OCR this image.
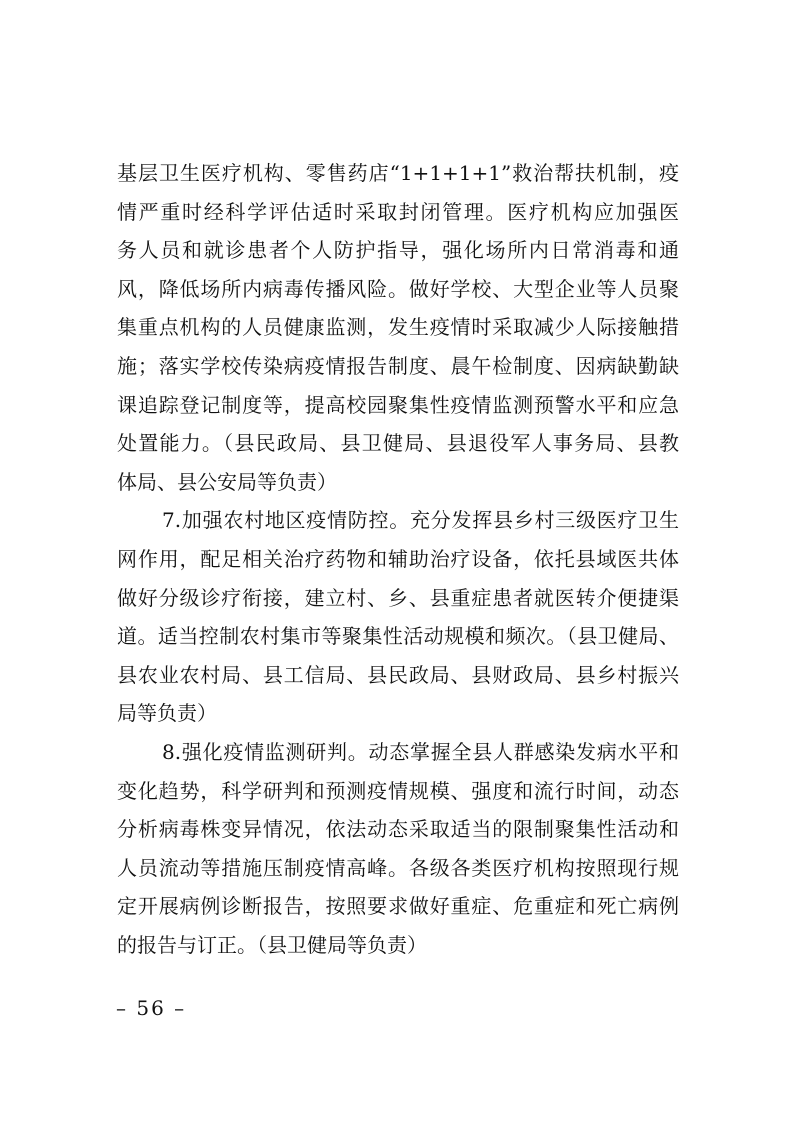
基层卫生医疗机构、零售药店“1+1+1+1”救治帮扶机制，疫
情严重时经科学评估适时采取封闭管理。医疗机构应加强医
务人员和就诊患者个人防护指导，强化场所内日常消毒和通
风，降低场所内病毒传播风险。做好学校、大型企业等人员聚
集重点机构的人员健康监测，发生疫情时采取减少人际接触措
施；落实学校传染病疫情报告制度、晨午检制度、因病缺勤缺
课追踪登记制度等，提高校园聚集性疫情监测预警水平和应急
处置能力。（县民政局、县卫健局、县退役军人事务局、县教
体局、县公安局等负责）
7.加强农村地区疫情防控。充分发挥县乡村三级医疗卫生
网作用，配足相关治疗药物和辅助治疗设备，依托县域医共体
做好分级诊疗衔接，建立村、乡、县重症患者就医转介便捷渠
道。适当控制农村集市等聚集性活动规模和频次。（县卫健局、
县农业农村局、县工信局、县民政局、县财政局、县乡村振兴
局等负责）
8.强化疫情监测研判。动态掌握全县人群感染发病水平和
变化趋势，科学研判和预测疫情规模、强度和流行时间，动态
分析病毒株变异情况，依法动态采取适当的限制聚集性活动和
人员流动等措施压制疫情高峰。各级各类医疗机构按照现行规
定开展病例诊断报告，按照要求做好重症、危重症和死亡病例
的报告与订正。（县卫健局等负责）
– 56 –
